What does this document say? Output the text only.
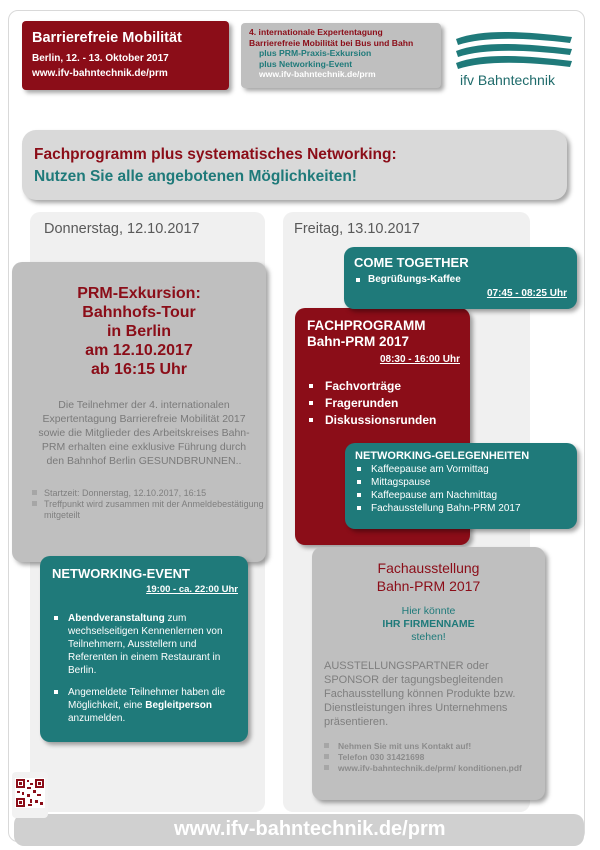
Barrierefreie Mobilität
Berlin, 12. - 13. Oktober 2017
www.ifv-bahntechnik.de/prm
4. internationale Expertentagung
Barrierefreie Mobilität bei Bus und Bahn
plus PRM-Praxis-Exkursion
plus Networking-Event
www.ifv-bahntechnik.de/prm	ifv Bahntechnik
Fachprogramm plus systematisches Networking:
Nutzen Sie alle angebotenen Möglichkeiten!
Donnerstag, 12.10.2017	Freitag, 13.10.2017
PRM-Exkursion:
Bahnhofs-Tour
in Berlin
am 12.10.2017
ab 16:15 Uhr
Die Teilnehmer der 4. internationalen Expertentagung Barrierefreie Mobilität 2017 sowie die Mitglieder des Arbeitskreises Bahn-PRM erhalten eine exklusive Führung durch den Bahnhof Berlin GESUNDBRUNNEN..
Startzeit: Donnerstag, 12.10.2017, 16:15
Treffpunkt wird zusammen mit der Anmeldebestätigung mitgeteilt
NETWORKING-EVENT
19:00 - ca. 22:00 Uhr
Abendveranstaltung zum wechselseitigen Kennenlernen von Teilnehmern, Ausstellern und Referenten in einem Restaurant in Berlin.
Angemeldete Teilnehmer haben die Möglichkeit, eine Begleitperson anzumelden.
FACHPROGRAMM
Bahn-PRM 2017
08:30 - 16:00 Uhr
Fachvorträge
Fragerunden
Diskussionsrunden
COME TOGETHER
Begrüßungs-Kaffee
07:45 - 08:25 Uhr
NETWORKING-GELEGENHEITEN
Kaffeepause am Vormittag
Mittagspause
Kaffeepause am Nachmittag
Fachausstellung Bahn-PRM 2017
Fachausstellung
Bahn-PRM 2017
Hier könnte
IHR FIRMENNAME
stehen!
AUSSTELLUNGSPARTNER oder SPONSOR der tagungsbegleitenden Fachausstellung können Produkte bzw. Dienstleistungen ihres Unternehmens präsentieren.
Nehmen Sie mit uns Kontakt auf!
Telefon 030 31421698
www.ifv-bahntechnik.de/prm/ konditionen.pdf
www.ifv-bahntechnik.de/prm
